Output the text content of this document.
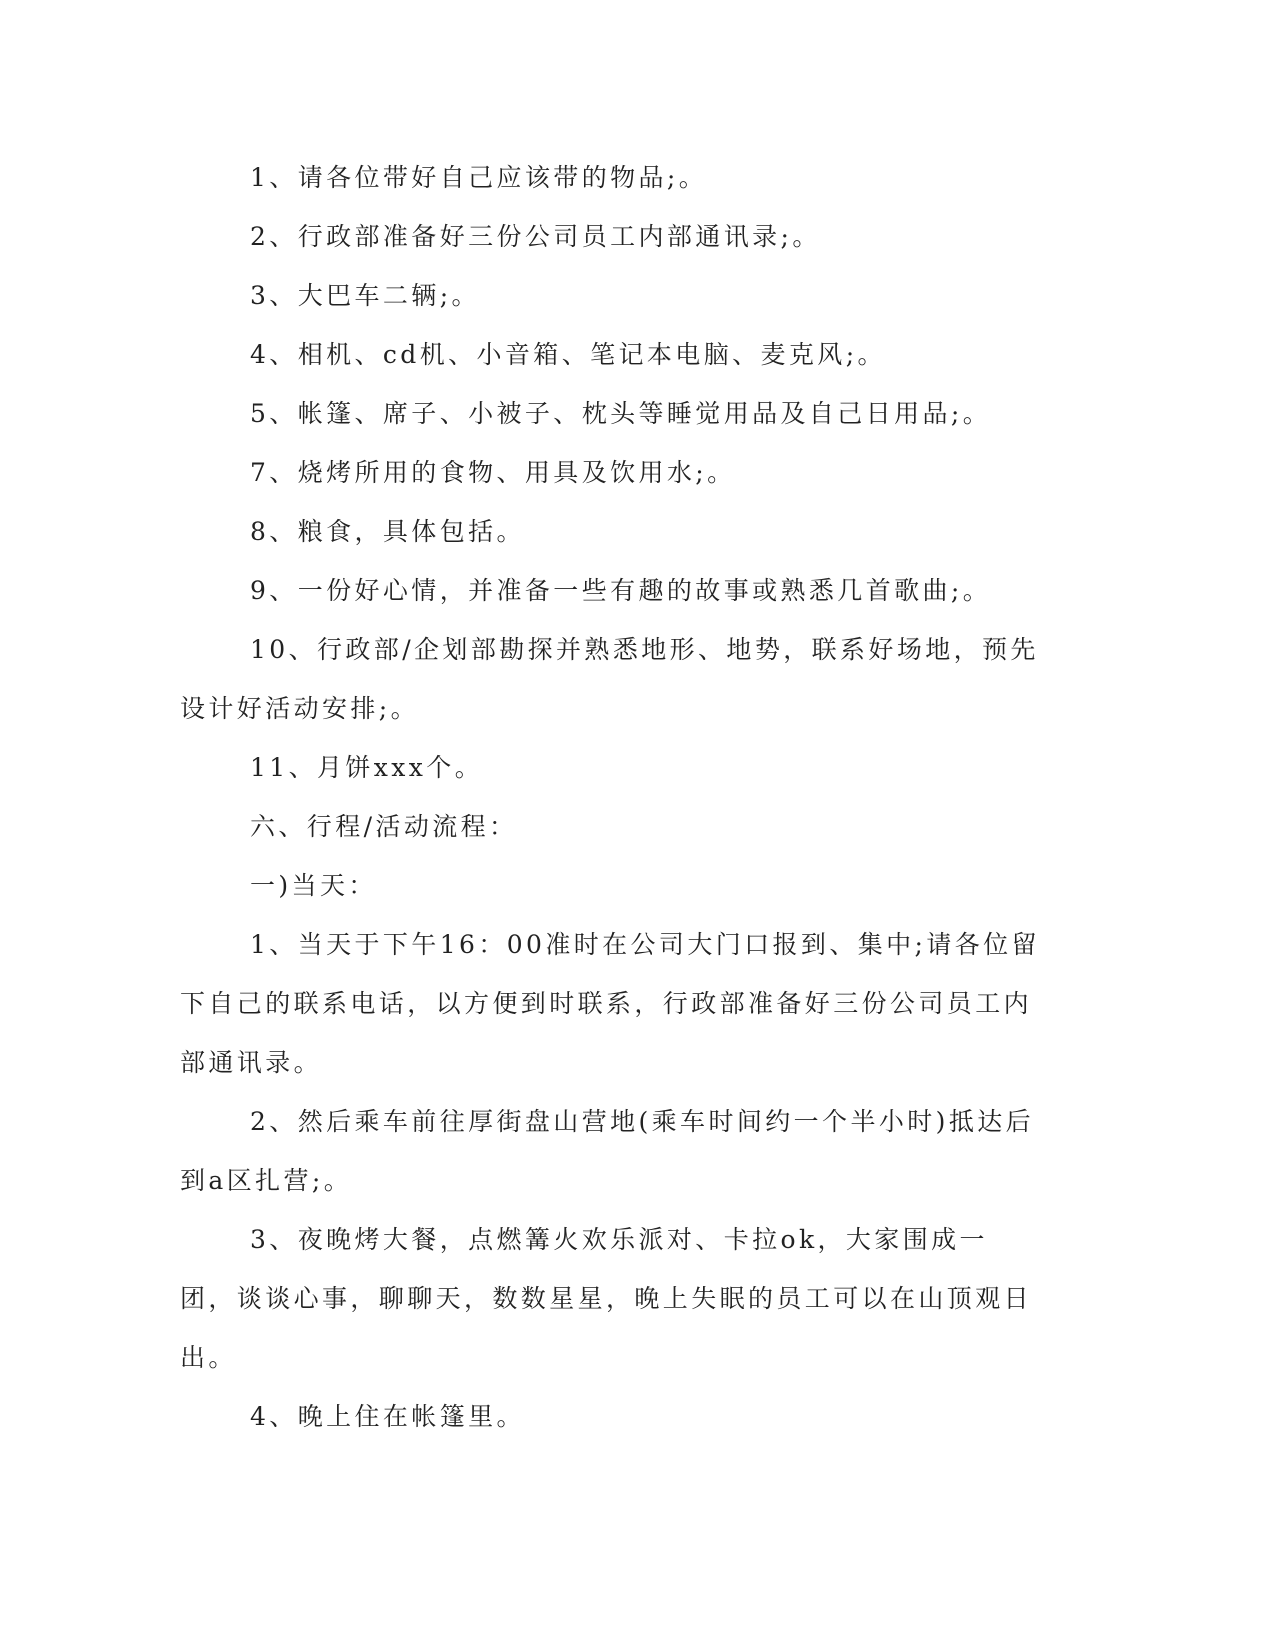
1、请各位带好自己应该带的物品;。

2、行政部准备好三份公司员工内部通讯录;。

3、大巴车二辆;。

4、相机、cd机、小音箱、笔记本电脑、麦克风;。

5、帐篷、席子、小被子、枕头等睡觉用品及自己日用品;。

7、烧烤所用的食物、用具及饮用水;。

8、粮食，具体包括。

9、一份好心情，并准备一些有趣的故事或熟悉几首歌曲;。

10、行政部/企划部勘探并熟悉地形、地势，联系好场地，预先设计好活动安排;。

11、月饼xxx个。

六、行程/活动流程：

一)当天：

1、当天于下午16：00准时在公司大门口报到、集中;请各位留下自己的联系电话，以方便到时联系，行政部准备好三份公司员工内部通讯录。

2、然后乘车前往厚街盘山营地(乘车时间约一个半小时)抵达后到a区扎营;。

3、夜晚烤大餐，点燃篝火欢乐派对、卡拉ok，大家围成一团，谈谈心事，聊聊天，数数星星，晚上失眠的员工可以在山顶观日出。

4、晚上住在帐篷里。
